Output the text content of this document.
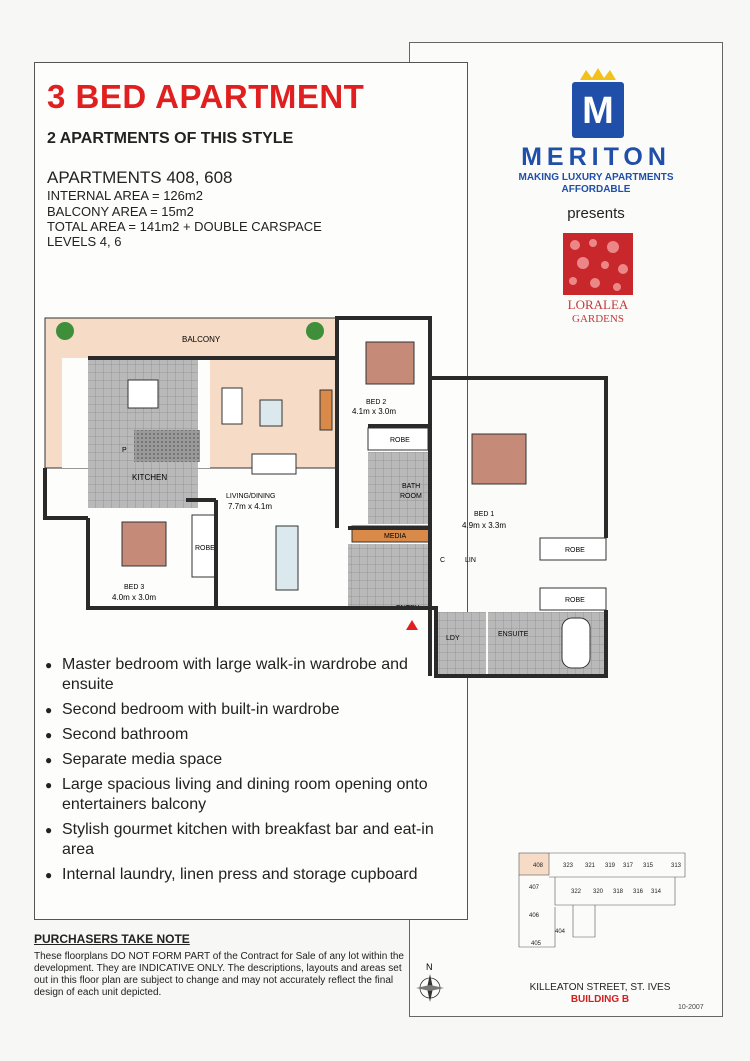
3 BED APARTMENT
2 APARTMENTS OF THIS STYLE
APARTMENTS 408, 608
INTERNAL AREA = 126m2
BALCONY AREA = 15m2
TOTAL AREA = 141m2 + DOUBLE CARSPACE
LEVELS 4, 6
BALCONY
KITCHEN
P
LIVING/DINING
7.7m x 4.1m
BED 3
4.0m x 3.0m
ROBE
BED 2
4.1m x 3.0m
ROBE
BATH
ROOM
MEDIA
ENTRY
BED 1
4.9m x 3.3m
ROBE
ROBE
C	LIN
LDY
ENSUITE
● Master bedroom with large walk-in wardrobe and ensuite
● Second bedroom with built-in wardrobe
● Second bathroom
● Separate media space
● Large spacious living and dining room opening onto entertainers balcony
● Stylish gourmet kitchen with breakfast bar and eat-in area
● Internal laundry, linen press and storage cupboard
PURCHASERS TAKE NOTE
These floorplans DO NOT FORM PART of the Contract for Sale of any lot within the development. They are INDICATIVE ONLY. The descriptions, layouts and areas set out in this floor plan are subject to change and may not accurately reflect the final design of each unit depicted.
M
MERITON
MAKING LUXURY APARTMENTS
AFFORDABLE
presents
LORALEA
GARDENS
408	323 321 319 317 315	313
407
322 320 318 316 314
406
404
405
N
KILLEATON STREET, ST. IVES
BUILDING B
10-2007
